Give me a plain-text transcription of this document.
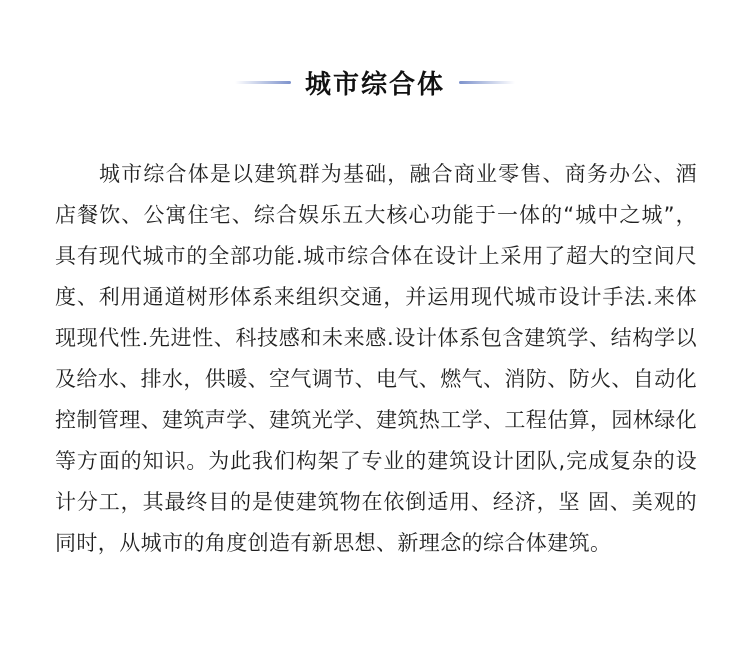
城市综合体

城市综合体是以建筑群为基础，融合商业零售、商务办公、酒店餐饮、公寓住宅、综合娱乐五大核心功能于一体的“城中之城”，具有现代城市的全部功能.城市综合体在设计上采用了超大的空间尺度、利用通道树形体系来组织交通，并运用现代城市设计手法.来体现现代性.先进性、科技感和未来感.设计体系包含建筑学、结构学以及给水、排水，供暖、空气调节、电气、燃气、消防、防火、自动化控制管理、建筑声学、建筑光学、建筑热工学、工程估算，园林绿化等方面的知识。为此我们构架了专业的建筑设计团队,完成复杂的设计分工，其最终目的是使建筑物在依倒适用、经济，坚 固、美观的同时，从城市的角度创造有新思想、新理念的综合体建筑。
